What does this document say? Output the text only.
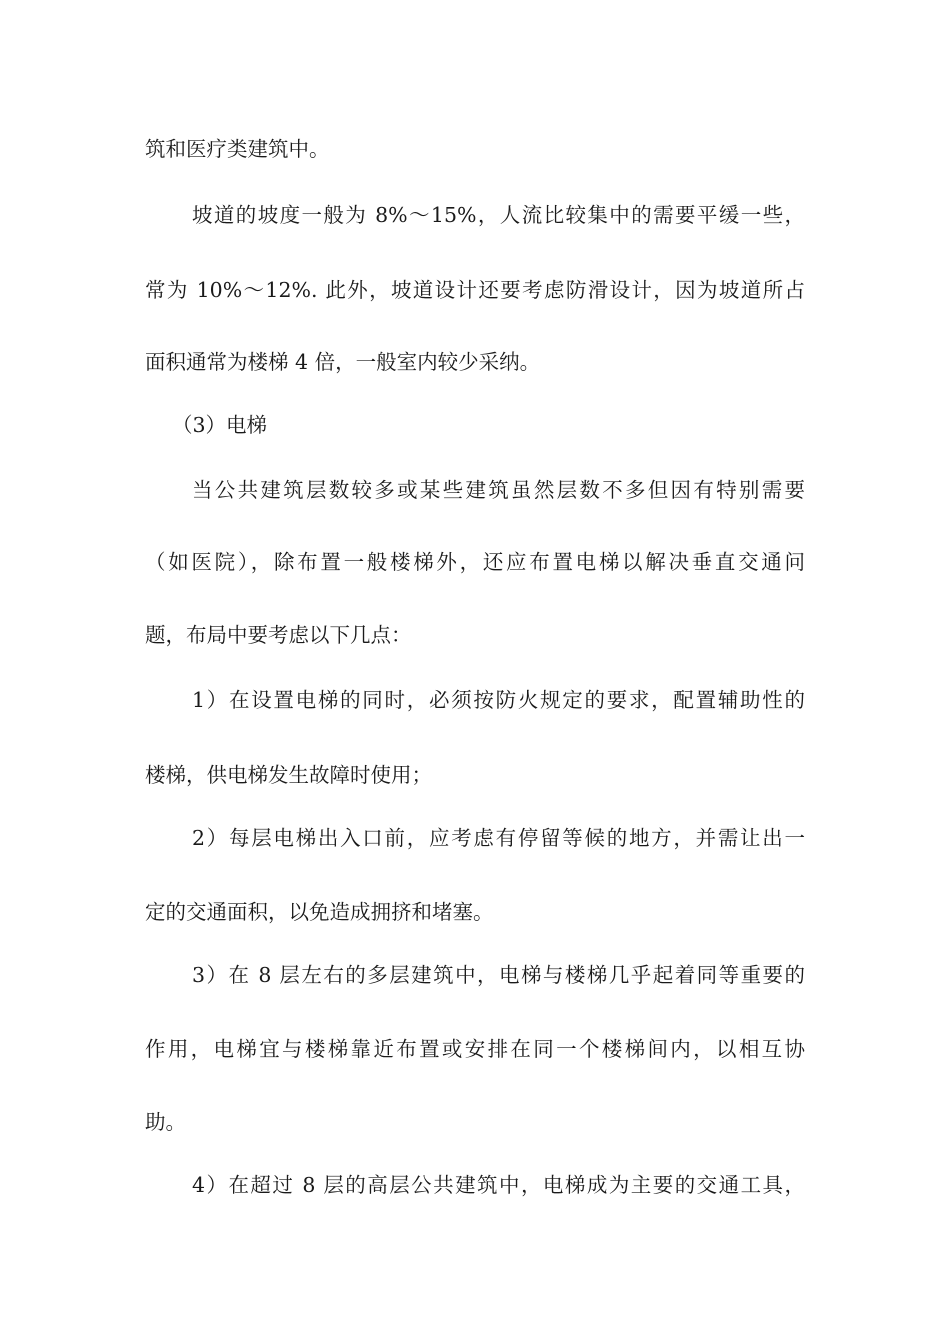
筑和医疗类建筑中。
坡道的坡度一般为 8%～15%，人流比较集中的需要平缓一些，
常为 10%～12%. 此外，坡道设计还要考虑防滑设计，因为坡道所占
面积通常为楼梯 4 倍，一般室内较少采纳。
（3）电梯
当公共建筑层数较多或某些建筑虽然层数不多但因有特别需要
（如医院），除布置一般楼梯外，还应布置电梯以解决垂直交通问
题，布局中要考虑以下几点：
1）在设置电梯的同时，必须按防火规定的要求，配置辅助性的
楼梯，供电梯发生故障时使用；
2）每层电梯出入口前，应考虑有停留等候的地方，并需让出一
定的交通面积，以免造成拥挤和堵塞。
3）在 8 层左右的多层建筑中，电梯与楼梯几乎起着同等重要的
作用，电梯宜与楼梯靠近布置或安排在同一个楼梯间内，以相互协
助。
4）在超过 8 层的高层公共建筑中，电梯成为主要的交通工具，
